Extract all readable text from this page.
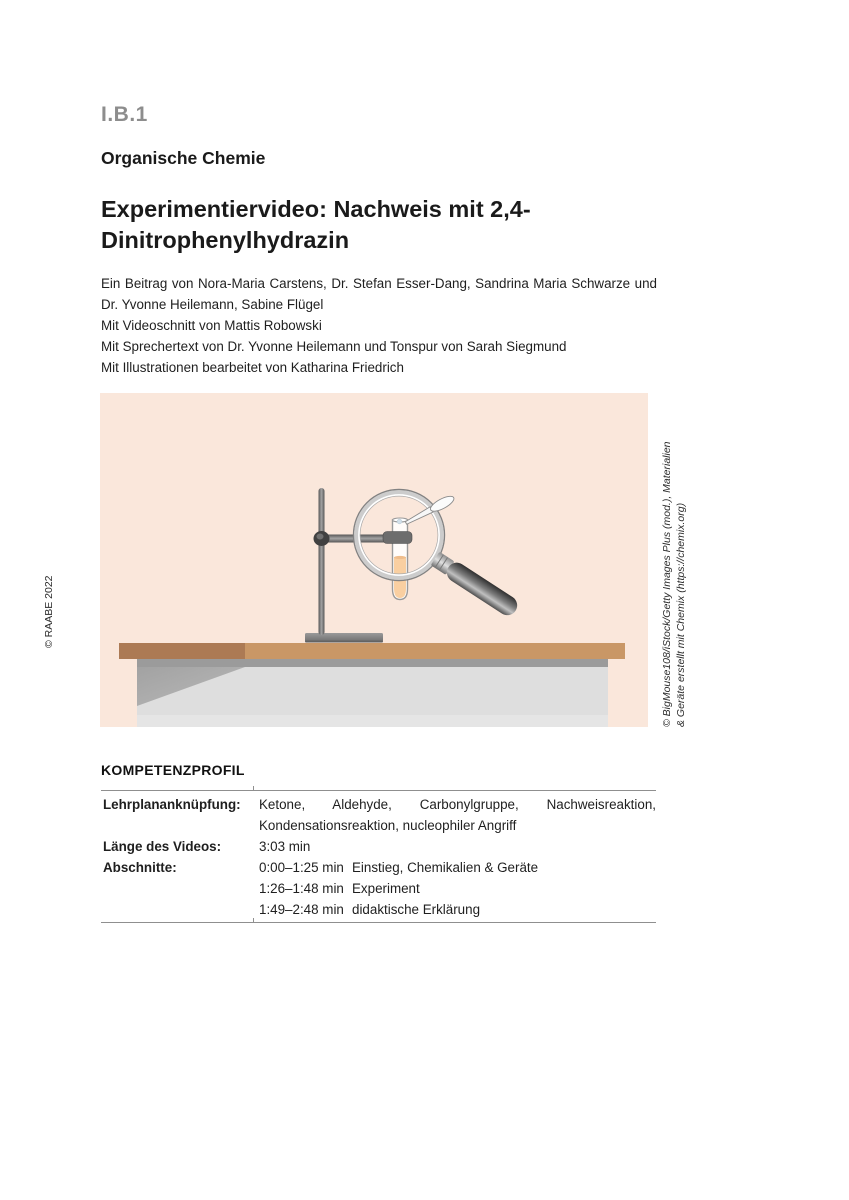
I.B.1
Organische Chemie
Experimentiervideo: Nachweis mit 2,4-
Dinitrophenylhydrazin
Ein Beitrag von Nora-Maria Carstens, Dr. Stefan Esser-Dang, Sandrina Maria Schwarze und
Dr. Yvonne Heilemann, Sabine Flügel
Mit Videoschnitt von Mattis Robowski
Mit Sprechertext von Dr. Yvonne Heilemann und Tonspur von Sarah Siegmund
Mit Illustrationen bearbeitet von Katharina Friedrich
© RAABE 2022	© BigMouse108/iStock/Getty Images Plus (mod.), Materialien & Geräte erstellt mit Chemix (https://chemix.org)
KOMPETENZPROFIL
Lehrplananknüpfung:	Ketone, Aldehyde, Carbonylgruppe, Nachweisreaktion,
Kondensationsreaktion, nucleophiler Angriff
Länge des Videos:	3:03 min
Abschnitte:	0:00–1:25 min Einstieg, Chemikalien & Geräte
1:26–1:48 min Experiment
1:49–2:48 min didaktische Erklärung
